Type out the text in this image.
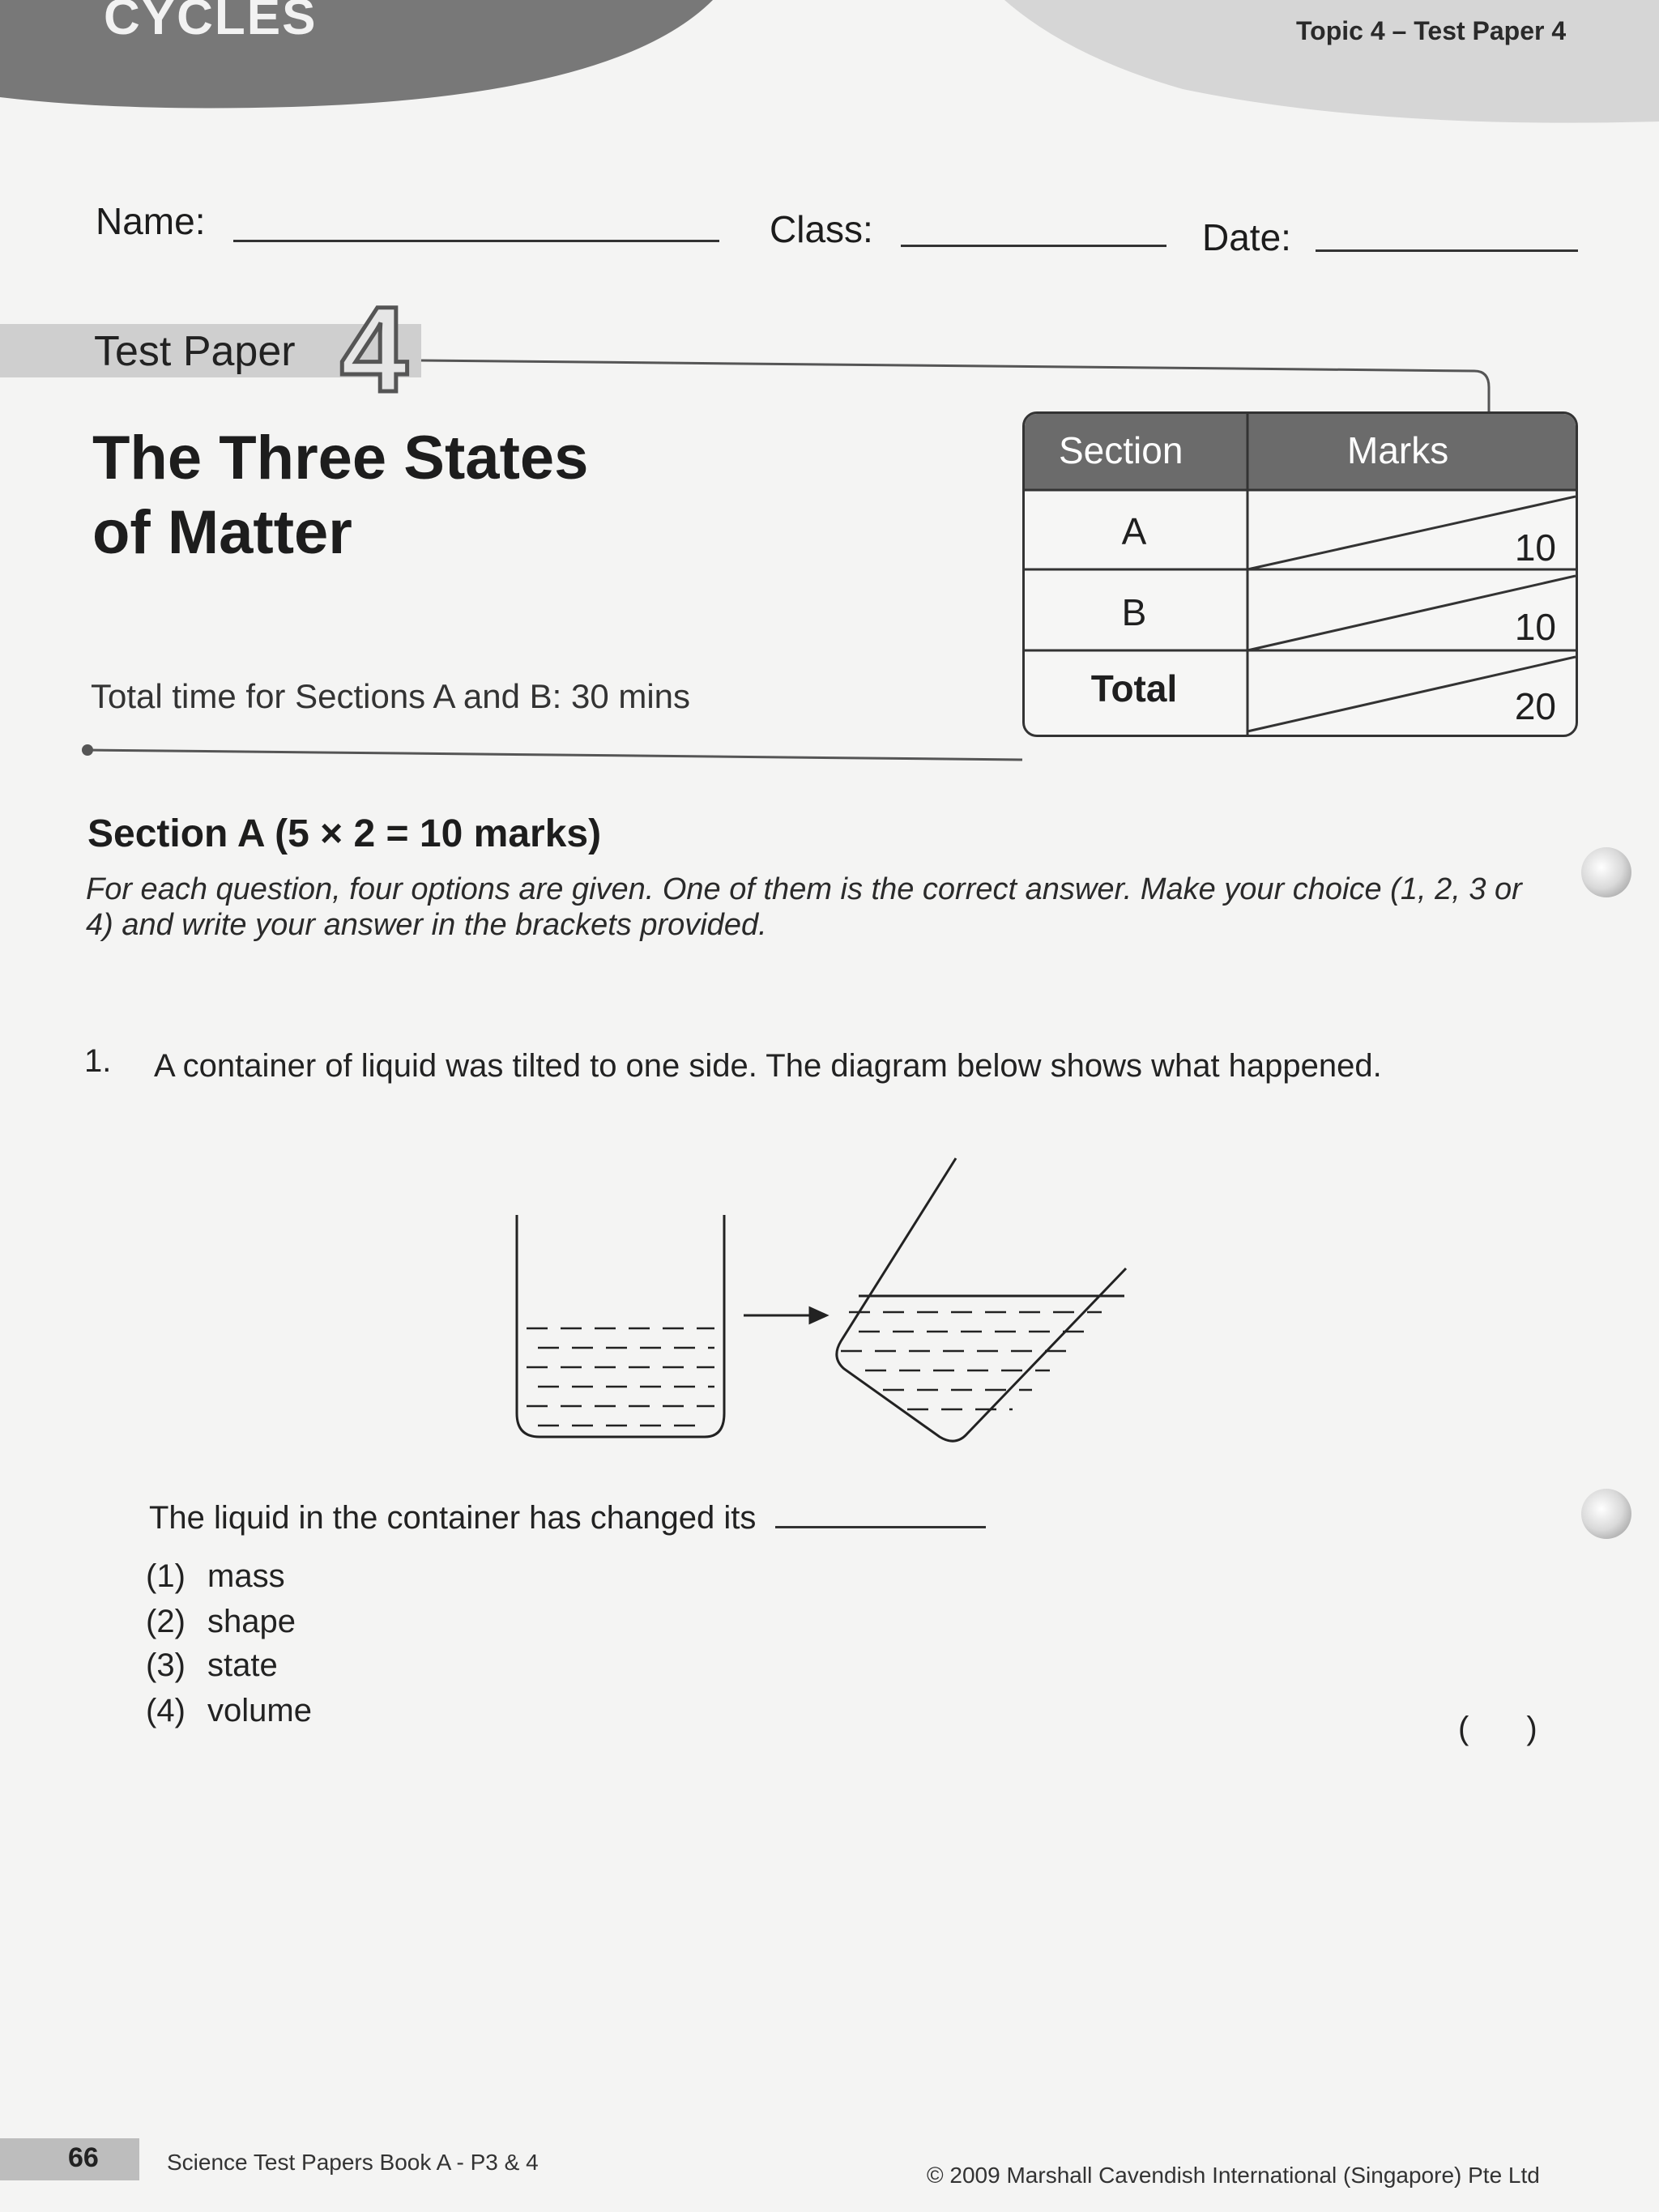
CYCLES	Topic 4 – Test Paper 4
Name:	Class:	Date:
Test Paper 4
The Three States
of Matter
Total time for Sections A and B: 30 mins
Section	Marks
A	10
B	10
Total	20
Section A (5 × 2 = 10 marks)
For each question, four options are given. One of them is the correct answer. Make your choice (1, 2, 3 or 4) and write your answer in the brackets provided.
1. A container of liquid was tilted to one side. The diagram below shows what happened.
The liquid in the container has changed its
(1) mass
(2) shape
(3) state
(4) volume	( )
66	Science Test Papers Book A - P3 & 4
© 2009 Marshall Cavendish International (Singapore) Pte Ltd
